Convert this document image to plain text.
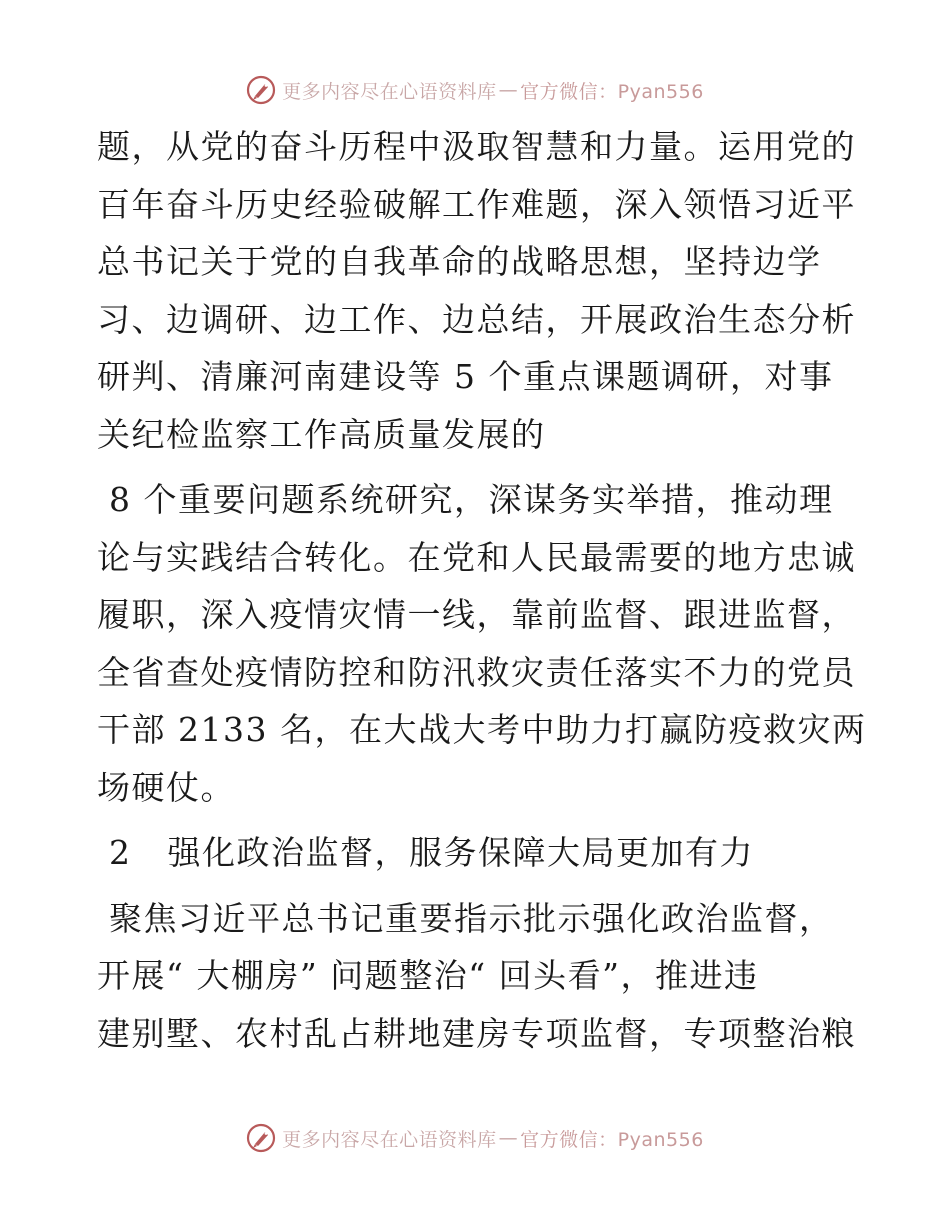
更多内容尽在心语资料库 — 官方微信：Pyan556

题，从党的奋斗历程中汲取智慧和力量。运用党的
百年奋斗历史经验破解工作难题，深入领悟习近平
总书记关于党的自我革命的战略思想，坚持边学
习、边调研、边工作、边总结，开展政治生态分析
研判、清廉河南建设等 5 个重点课题调研，对事
关纪检监察工作高质量发展的

8 个重要问题系统研究，深谋务实举措，推动理
论与实践结合转化。在党和人民最需要的地方忠诚
履职，深入疫情灾情一线，靠前监督、跟进监督，
全省查处疫情防控和防汛救灾责任落实不力的党员
干部 2133 名，在大战大考中助力打赢防疫救灾两
场硬仗。

2   强化政治监督，服务保障大局更加有力

聚焦习近平总书记重要指示批示强化政治监督，
开展“ 大棚房” 问题整治“ 回头看”，推进违
建别墅、农村乱占耕地建房专项监督，专项整治粮

更多内容尽在心语资料库 — 官方微信：Pyan556
